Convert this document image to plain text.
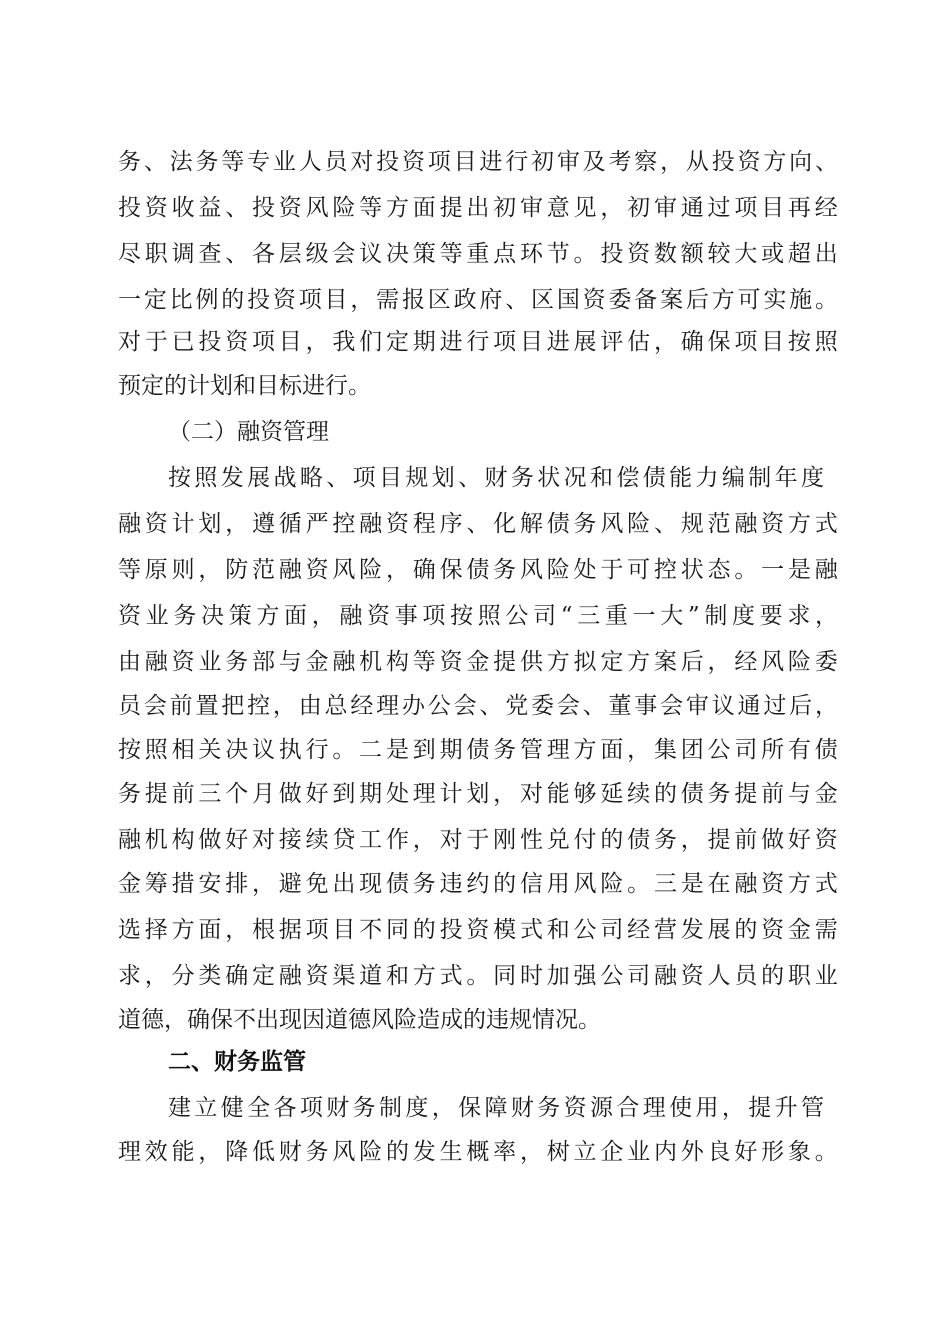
务 、 法 务 等 专 业 人 员 对 投 资 项 目 进 行 初 审 及 考 察 ， 从 投 资 方 向 、
投 资 收 益 、 投 资 风 险 等 方 面 提 出 初 审 意 见 ， 初 审 通 过 项 目 再 经
尽 职 调 查 、 各 层 级 会 议 决 策 等 重 点 环 节 。 投 资 数 额 较 大 或 超 出
一 定 比 例 的 投 资 项 目 ， 需 报 区 政 府 、 区 国 资 委 备 案 后 方 可 实 施 。
对 于 已 投 资 项 目 ， 我 们 定 期 进 行 项 目 进 展 评 估 ， 确 保 项 目 按 照
预定的计划和目标进行。
（二）融资管理
按 照 发 展 战 略 、 项 目 规 划 、 财 务 状 况 和 偿 债 能 力 编 制 年 度
融 资 计 划 ， 遵 循 严 控 融 资 程 序 、 化 解 债 务 风 险 、 规 范 融 资 方 式
等 原 则 ， 防 范 融 资 风 险 ， 确 保 债 务 风 险 处 于 可 控 状 态 。 一 是 融
资 业 务 决 策 方 面 ， 融 资 事 项 按 照 公 司 “ 三 重 一 大 ” 制 度 要 求 ，
由 融 资 业 务 部 与 金 融 机 构 等 资 金 提 供 方 拟 定 方 案 后 ， 经 风 险 委
员 会 前 置 把 控 ， 由 总 经 理 办 公 会 、 党 委 会 、 董 事 会 审 议 通 过 后 ，
按 照 相 关 决 议 执 行 。 二 是 到 期 债 务 管 理 方 面 ， 集 团 公 司 所 有 债
务 提 前 三 个 月 做 好 到 期 处 理 计 划 ， 对 能 够 延 续 的 债 务 提 前 与 金
融 机 构 做 好 对 接 续 贷 工 作 ， 对 于 刚 性 兑 付 的 债 务 ， 提 前 做 好 资
金 筹 措 安 排 ， 避 免 出 现 债 务 违 约 的 信 用 风 险 。 三 是 在 融 资 方 式
选 择 方 面 ， 根 据 项 目 不 同 的 投 资 模 式 和 公 司 经 营 发 展 的 资 金 需
求 ， 分 类 确 定 融 资 渠 道 和 方 式 。 同 时 加 强 公 司 融 资 人 员 的 职 业
道德，确保不出现因道德风险造成的违规情况。
二、财务监管
建 立 健 全 各 项 财 务 制 度 ， 保 障 财 务 资 源 合 理 使 用 ， 提 升 管
理 效 能 ， 降 低 财 务 风 险 的 发 生 概 率 ， 树 立 企 业 内 外 良 好 形 象 。
